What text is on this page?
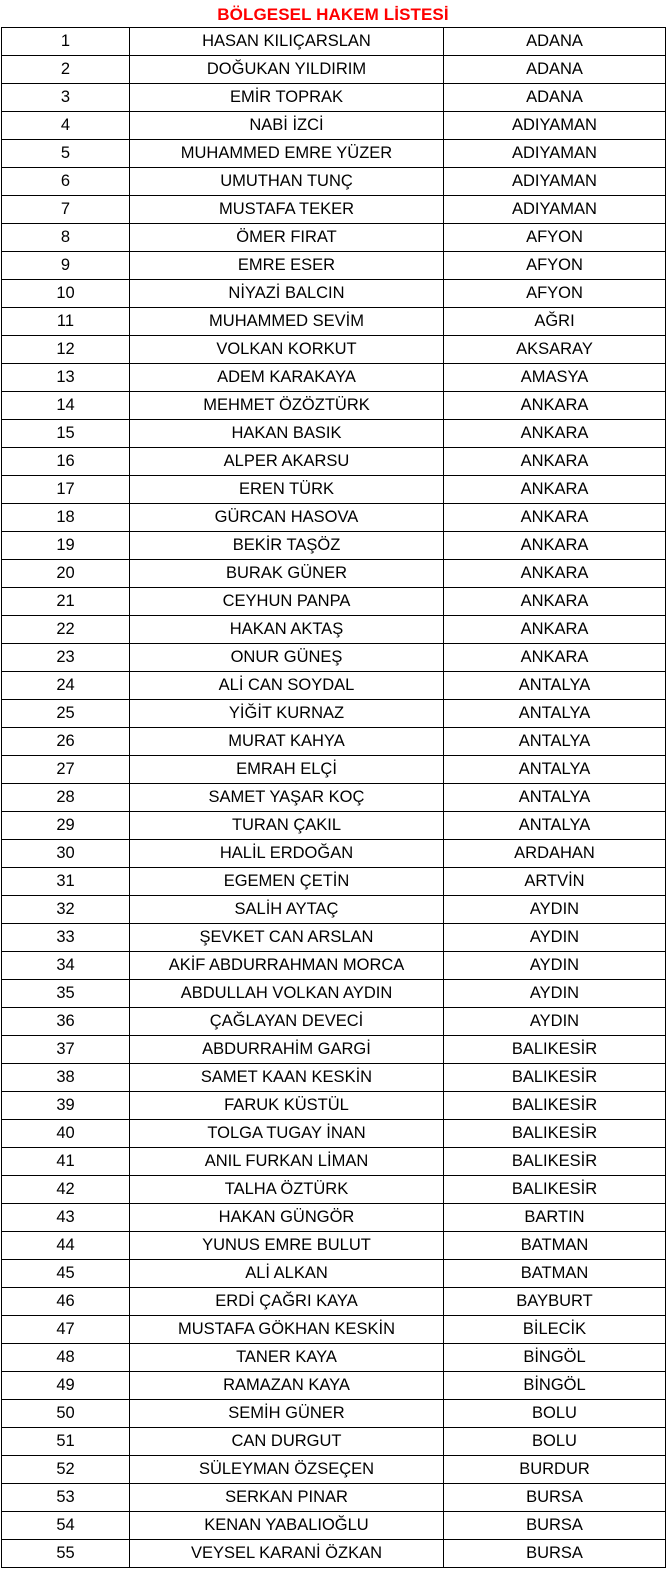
BÖLGESEL HAKEM LİSTESİ
1	HASAN KILIÇARSLAN	ADANA
2	DOĞUKAN YILDIRIM	ADANA
3	EMİR TOPRAK	ADANA
4	NABİ İZCİ	ADIYAMAN
5	MUHAMMED EMRE YÜZER	ADIYAMAN
6	UMUTHAN TUNÇ	ADIYAMAN
7	MUSTAFA TEKER	ADIYAMAN
8	ÖMER FIRAT	AFYON
9	EMRE ESER	AFYON
10	NİYAZİ BALCIN	AFYON
11	MUHAMMED SEVİM	AĞRI
12	VOLKAN KORKUT	AKSARAY
13	ADEM KARAKAYA	AMASYA
14	MEHMET ÖZÖZTÜRK	ANKARA
15	HAKAN BASIK	ANKARA
16	ALPER AKARSU	ANKARA
17	EREN TÜRK	ANKARA
18	GÜRCAN HASOVA	ANKARA
19	BEKİR TAŞÖZ	ANKARA
20	BURAK GÜNER	ANKARA
21	CEYHUN PANPA	ANKARA
22	HAKAN AKTAŞ	ANKARA
23	ONUR GÜNEŞ	ANKARA
24	ALİ CAN SOYDAL	ANTALYA
25	YİĞİT KURNAZ	ANTALYA
26	MURAT KAHYA	ANTALYA
27	EMRAH ELÇİ	ANTALYA
28	SAMET YAŞAR KOÇ	ANTALYA
29	TURAN ÇAKIL	ANTALYA
30	HALİL ERDOĞAN	ARDAHAN
31	EGEMEN ÇETİN	ARTVİN
32	SALİH AYTAÇ	AYDIN
33	ŞEVKET CAN ARSLAN	AYDIN
34	AKİF ABDURRAHMAN MORCA	AYDIN
35	ABDULLAH VOLKAN AYDIN	AYDIN
36	ÇAĞLAYAN DEVECİ	AYDIN
37	ABDURRAHİM GARGİ	BALIKESİR
38	SAMET KAAN KESKİN	BALIKESİR
39	FARUK KÜSTÜL	BALIKESİR
40	TOLGA TUGAY İNAN	BALIKESİR
41	ANIL FURKAN LİMAN	BALIKESİR
42	TALHA ÖZTÜRK	BALIKESİR
43	HAKAN GÜNGÖR	BARTIN
44	YUNUS EMRE BULUT	BATMAN
45	ALİ ALKAN	BATMAN
46	ERDİ ÇAĞRI KAYA	BAYBURT
47	MUSTAFA GÖKHAN KESKİN	BİLECİK
48	TANER KAYA	BİNGÖL
49	RAMAZAN KAYA	BİNGÖL
50	SEMİH GÜNER	BOLU
51	CAN DURGUT	BOLU
52	SÜLEYMAN ÖZSEÇEN	BURDUR
53	SERKAN PINAR	BURSA
54	KENAN YABALIOĞLU	BURSA
55	VEYSEL KARANİ ÖZKAN	BURSA
